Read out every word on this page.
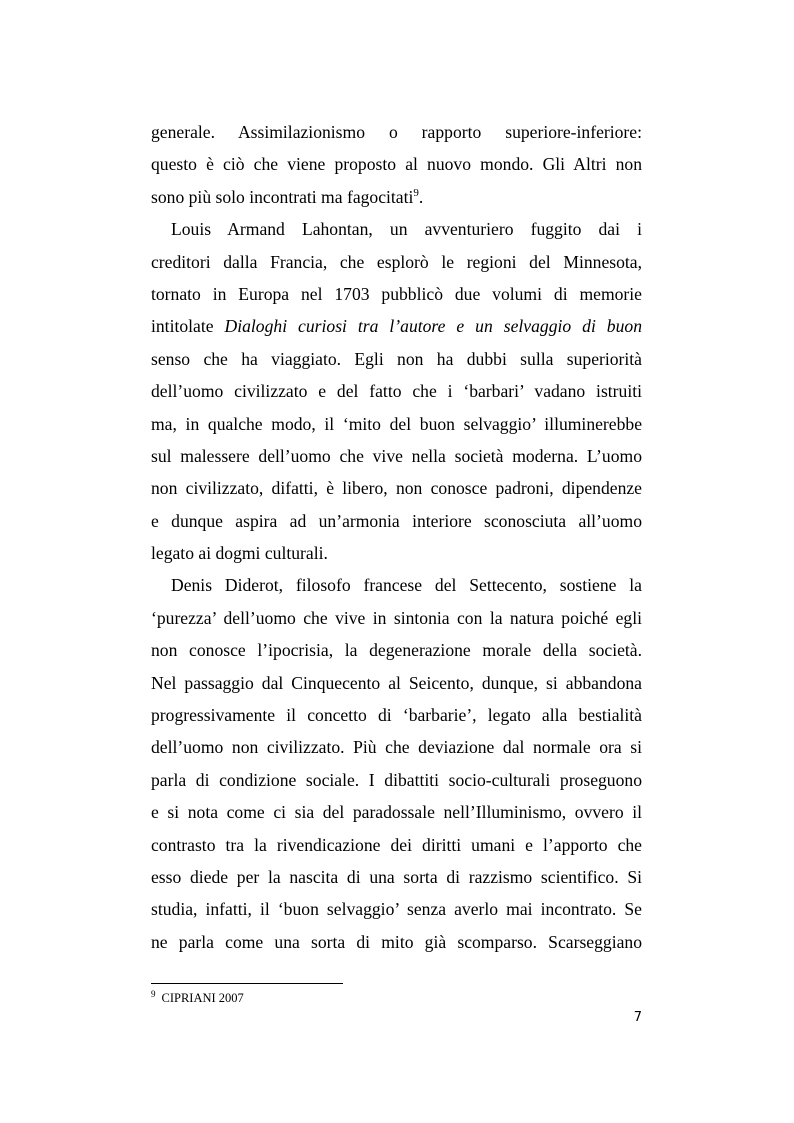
generale. Assimilazionismo o rapporto superiore-inferiore:
questo è ciò che viene proposto al nuovo mondo. Gli Altri non
sono più solo incontrati ma fagocitati$^9$.
Louis Armand Lahontan, un avventuriero fuggito dai i
creditori dalla Francia, che esplorò le regioni del Minnesota,
tornato in Europa nel 1703 pubblicò due volumi di memorie
intitolate Dialoghi curiosi tra l’autore e un selvaggio di buon
senso che ha viaggiato. Egli non ha dubbi sulla superiorità
dell’uomo civilizzato e del fatto che i ‘barbari’ vadano istruiti
ma, in qualche modo, il ‘mito del buon selvaggio’ illuminerebbe
sul malessere dell’uomo che vive nella società moderna. L’uomo
non civilizzato, difatti, è libero, non conosce padroni, dipendenze
e dunque aspira ad un’armonia interiore sconosciuta all’uomo
legato ai dogmi culturali.
Denis Diderot, filosofo francese del Settecento, sostiene la
‘purezza’ dell’uomo che vive in sintonia con la natura poiché egli
non conosce l’ipocrisia, la degenerazione morale della società.
Nel passaggio dal Cinquecento al Seicento, dunque, si abbandona
progressivamente il concetto di ‘barbarie’, legato alla bestialità
dell’uomo non civilizzato. Più che deviazione dal normale ora si
parla di condizione sociale. I dibattiti socio-culturali proseguono
e si nota come ci sia del paradossale nell’Illuminismo, ovvero il
contrasto tra la rivendicazione dei diritti umani e l’apporto che
esso diede per la nascita di una sorta di razzismo scientifico. Si
studia, infatti, il ‘buon selvaggio’ senza averlo mai incontrato. Se
ne parla come una sorta di mito già scomparso. Scarseggiano
$^9$ CIPRIANI 2007
7
